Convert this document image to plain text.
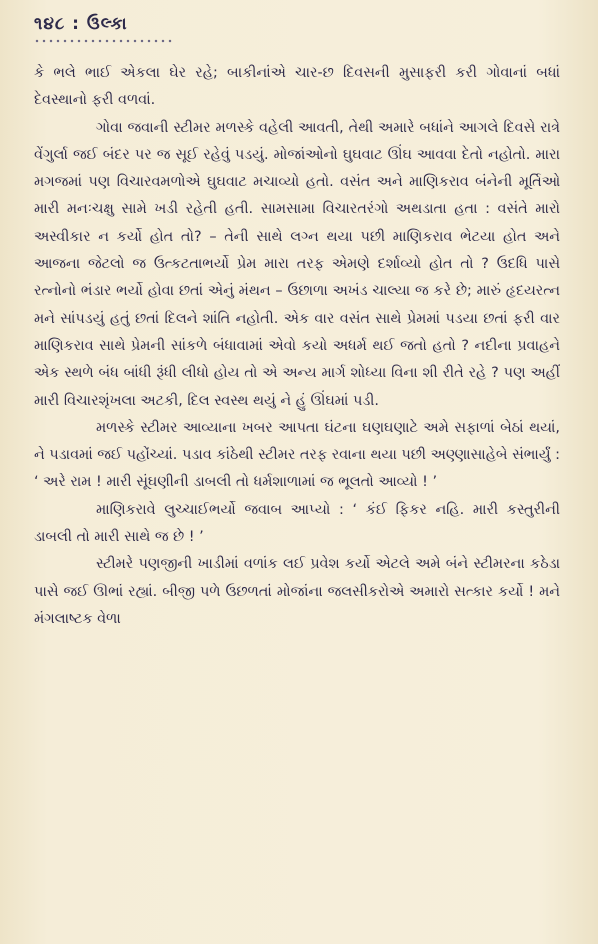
૧૪૮ : ઉલ્કા

કે ભલે ભાઈ એકલા ઘેર રહે; બાકીનાંએ ચાર-છ દિવસની મુસાફરી કરી ગોવાનાં બધાં દેવસ્થાનો ફરી વળવાં.

ગોવા જવાની સ્ટીમર મળસ્કે વહેલી આવતી, તેથી અમારે બધાંને આગલે દિવસે રાત્રે વેંગુર્લા જઈ બંદર પર જ સૂઈ રહેવું પડયું. મોજાંઓનો ઘુઘવાટ ઊંઘ આવવા દેતો નહોતો. મારા મગજમાં પણ વિચારવમળોએ ઘુઘવાટ મચાવ્યો હતો. વસંત અને માણિકરાવ બંનેની મૂર્તિઓ મારી મનઃચક્ષુ સામે ખડી રહેતી હતી. સામસામા વિચારતરંગો અથડાતા હતા : વસંતે મારો અસ્વીકાર ન કર્યો હોત તો? – તેની સાથે લગ્ન થયા પછી માણિકરાવ ભેટયા હોત અને આજના જેટલો જ ઉત્કટતાભર્યો પ્રેમ મારા તરફ એમણે દર્શાવ્યો હોત તો ? ઉદધિ પાસે રત્નોનો ભંડાર ભર્યો હોવા છતાં એનું મંથન – ઉછાળા અખંડ ચાલ્યા જ કરે છે; મારું હૃદયરત્ન મને સાંપડયું હતું છતાં દિલને શાંતિ નહોતી. એક વાર વસંત સાથે પ્રેમમાં પડયા છતાં ફરી વાર માણિકરાવ સાથે પ્રેમની સાંકળે બંધાવામાં એવો કયો અધર્મ થઈ જતો હતો ? નદીના પ્રવાહને એક સ્થળે બંધ બાંધી રૂંધી લીધો હોય તો એ અન્ય માર્ગ શોધ્યા વિના શી રીતે રહે ? પણ અહીં મારી વિચારશૃંખલા અટકી, દિલ સ્વસ્થ થયું ને હું ઊંઘમાં પડી.

મળસ્કે સ્ટીમર આવ્યાના ખબર આપતા ઘંટના ઘણઘણાટે અમે સફાળાં બેઠાં થયાં, ને પડાવમાં જઈ પહોંચ્યાં. પડાવ કાંઠેથી સ્ટીમર તરફ રવાના થયા પછી અણ્ણાસાહેબે સંભાર્યું : ‘ અરે રામ ! મારી સૂંઘણીની ડાબલી તો ધર્મશાળામાં જ ભૂલતો આવ્યો ! ’

માણિકરાવે લુચ્ચાઈભર્યો જવાબ આપ્યો : ‘ કંઈ ફિકર નહિ. મારી કસ્તુરીની ડાબલી તો મારી સાથે જ છે ! ’

સ્ટીમરે પણજીની ખાડીમાં વળાંક લઈ પ્રવેશ કર્યો એટલે અમે બંને સ્ટીમરના કઠેડા પાસે જઈ ઊભાં રહ્યાં. બીજી પળે ઉછળતાં મોજાંના જલસીકરોએ અમારો સત્કાર કર્યો ! મને મંગલાષ્ટક વેળા
